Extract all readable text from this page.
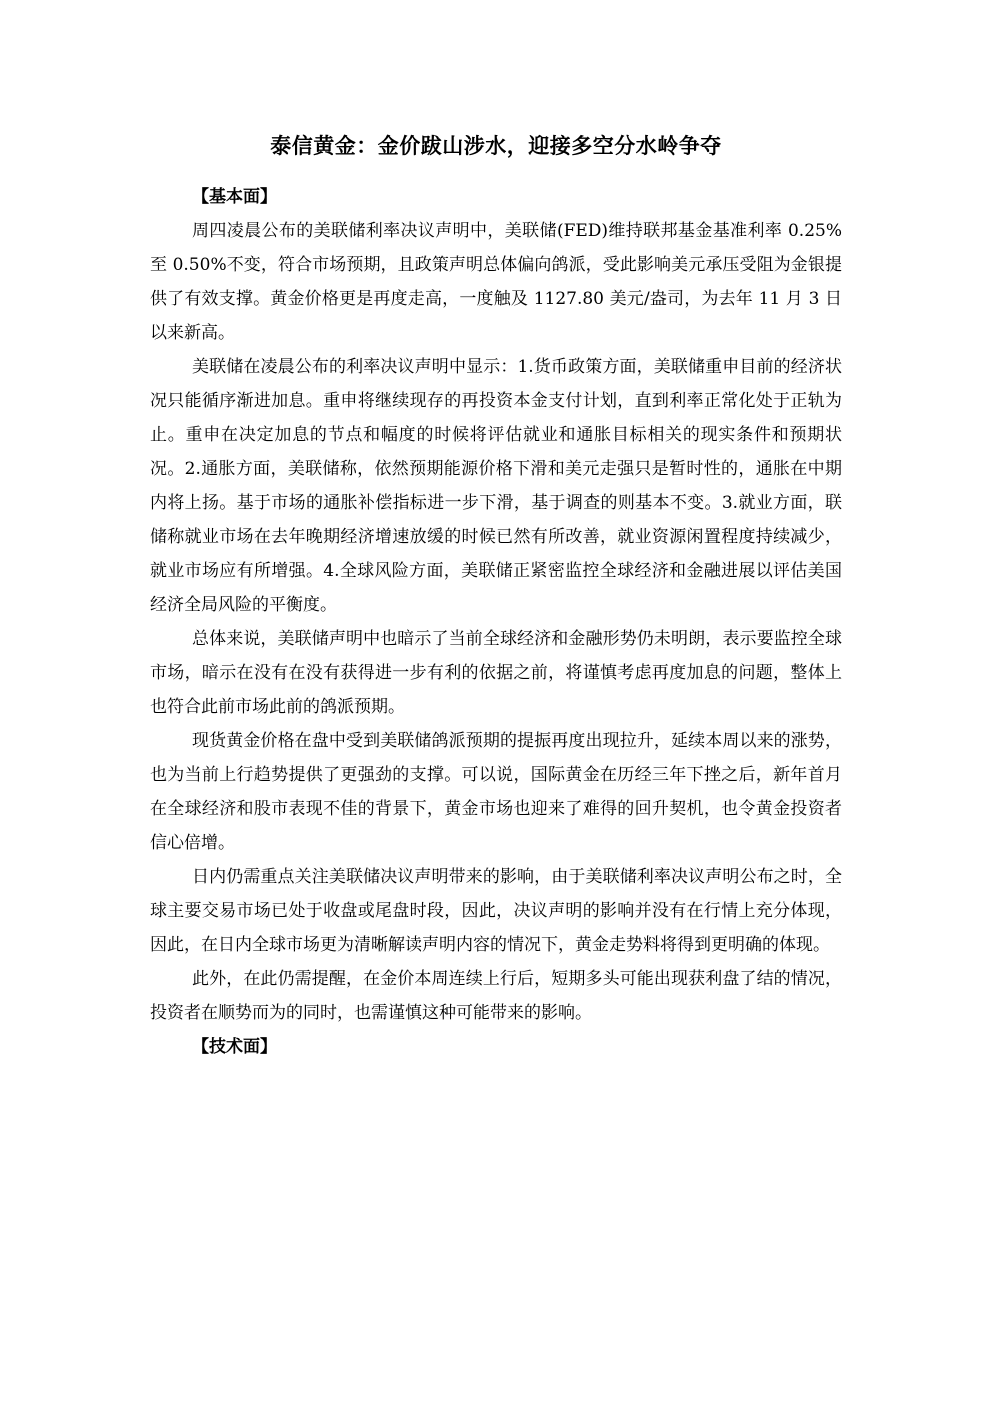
泰信黄金：金价跋山涉水，迎接多空分水岭争夺
【基本面】

周四凌晨公布的美联储利率决议声明中，美联储(FED)维持联邦基金基准利率 0.25%至 0.50%不变，符合市场预期，且政策声明总体偏向鸽派，受此影响美元承压受阻为金银提供了有效支撑。黄金价格更是再度走高，一度触及 1127.80 美元/盎司，为去年 11 月 3 日以来新高。

美联储在凌晨公布的利率决议声明中显示：1.货币政策方面，美联储重申目前的经济状况只能循序渐进加息。重申将继续现存的再投资本金支付计划，直到利率正常化处于正轨为止。重申在决定加息的节点和幅度的时候将评估就业和通胀目标相关的现实条件和预期状况。2.通胀方面，美联储称，依然预期能源价格下滑和美元走强只是暂时性的，通胀在中期内将上扬。基于市场的通胀补偿指标进一步下滑，基于调查的则基本不变。3.就业方面，联储称就业市场在去年晚期经济增速放缓的时候已然有所改善，就业资源闲置程度持续减少，就业市场应有所增强。4.全球风险方面，美联储正紧密监控全球经济和金融进展以评估美国经济全局风险的平衡度。

总体来说，美联储声明中也暗示了当前全球经济和金融形势仍未明朗，表示要监控全球市场，暗示在没有在没有获得进一步有利的依据之前，将谨慎考虑再度加息的问题，整体上也符合此前市场此前的鸽派预期。

现货黄金价格在盘中受到美联储鸽派预期的提振再度出现拉升，延续本周以来的涨势，也为当前上行趋势提供了更强劲的支撑。可以说，国际黄金在历经三年下挫之后，新年首月在全球经济和股市表现不佳的背景下，黄金市场也迎来了难得的回升契机，也令黄金投资者信心倍增。

日内仍需重点关注美联储决议声明带来的影响，由于美联储利率决议声明公布之时，全球主要交易市场已处于收盘或尾盘时段，因此，决议声明的影响并没有在行情上充分体现，因此，在日内全球市场更为清晰解读声明内容的情况下，黄金走势料将得到更明确的体现。

此外，在此仍需提醒，在金价本周连续上行后，短期多头可能出现获利盘了结的情况，投资者在顺势而为的同时，也需谨慎这种可能带来的影响。

【技术面】
